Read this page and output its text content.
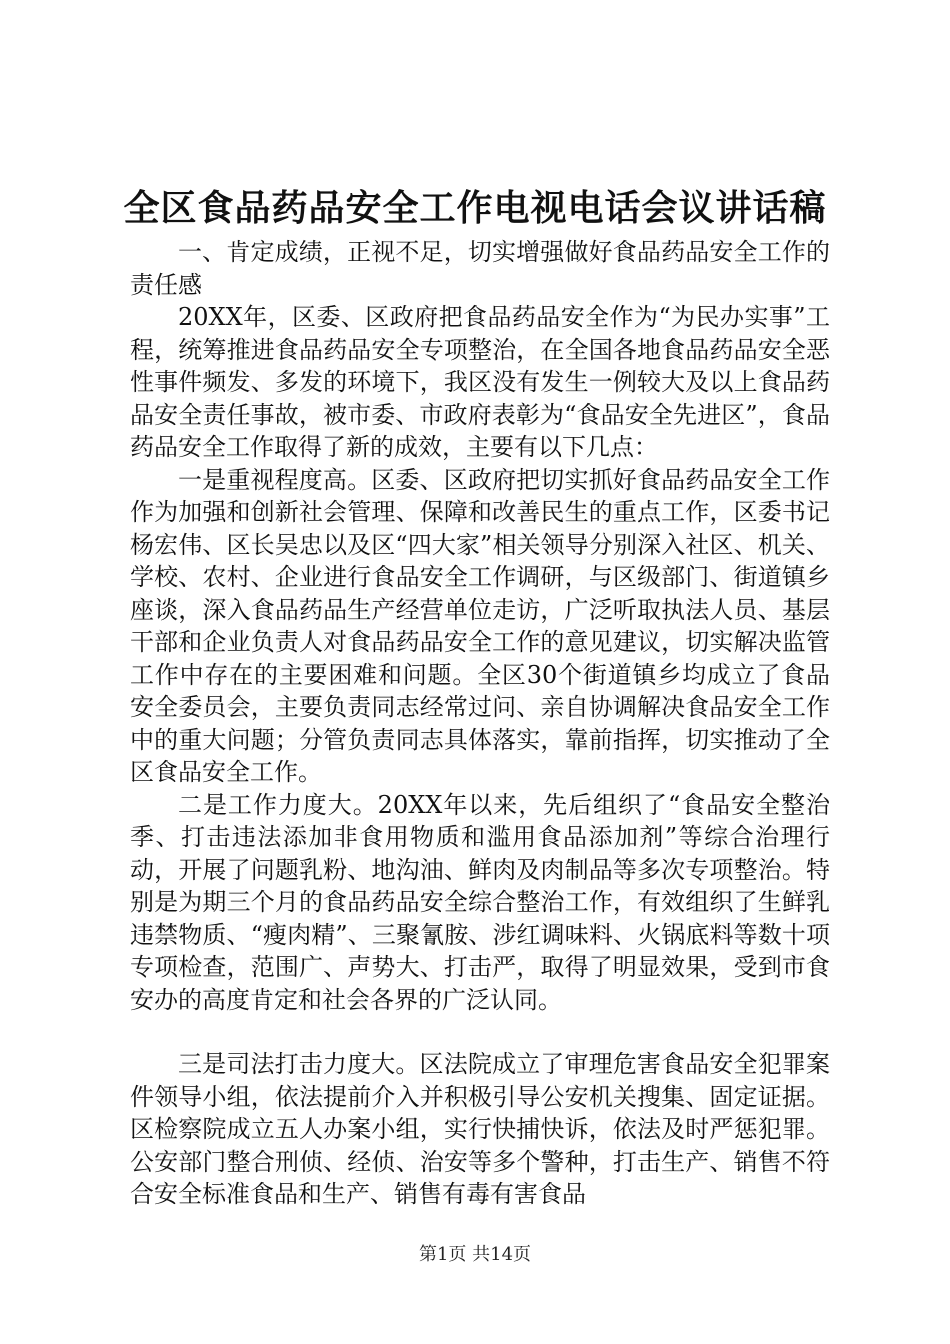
全区食品药品安全工作电视电话会议讲话稿

一、肯定成绩，正视不足，切实增强做好食品药品安全工作的责任感

20XX年，区委、区政府把食品药品安全作为“为民办实事”工程，统筹推进食品药品安全专项整治，在全国各地食品药品安全恶性事件频发、多发的环境下，我区没有发生一例较大及以上食品药品安全责任事故，被市委、市政府表彰为“食品安全先进区”，食品药品安全工作取得了新的成效，主要有以下几点：

一是重视程度高。区委、区政府把切实抓好食品药品安全工作作为加强和创新社会管理、保障和改善民生的重点工作，区委书记杨宏伟、区长吴忠以及区“四大家”相关领导分别深入社区、机关、学校、农村、企业进行食品安全工作调研，与区级部门、街道镇乡座谈，深入食品药品生产经营单位走访，广泛听取执法人员、基层干部和企业负责人对食品药品安全工作的意见建议，切实解决监管工作中存在的主要困难和问题。全区30个街道镇乡均成立了食品安全委员会，主要负责同志经常过问、亲自协调解决食品安全工作中的重大问题；分管负责同志具体落实，靠前指挥，切实推动了全区食品安全工作。

二是工作力度大。20XX年以来，先后组织了“食品安全整治季、打击违法添加非食用物质和滥用食品添加剂”等综合治理行动，开展了问题乳粉、地沟油、鲜肉及肉制品等多次专项整治。特别是为期三个月的食品药品安全综合整治工作，有效组织了生鲜乳违禁物质、“瘦肉精”、三聚氰胺、涉红调味料、火锅底料等数十项专项检查，范围广、声势大、打击严，取得了明显效果，受到市食安办的高度肯定和社会各界的广泛认同。

三是司法打击力度大。区法院成立了审理危害食品安全犯罪案件领导小组，依法提前介入并积极引导公安机关搜集、固定证据。区检察院成立五人办案小组，实行快捕快诉，依法及时严惩犯罪。公安部门整合刑侦、经侦、治安等多个警种，打击生产、销售不符合安全标准食品和生产、销售有毒有害食品

第1页 共14页
